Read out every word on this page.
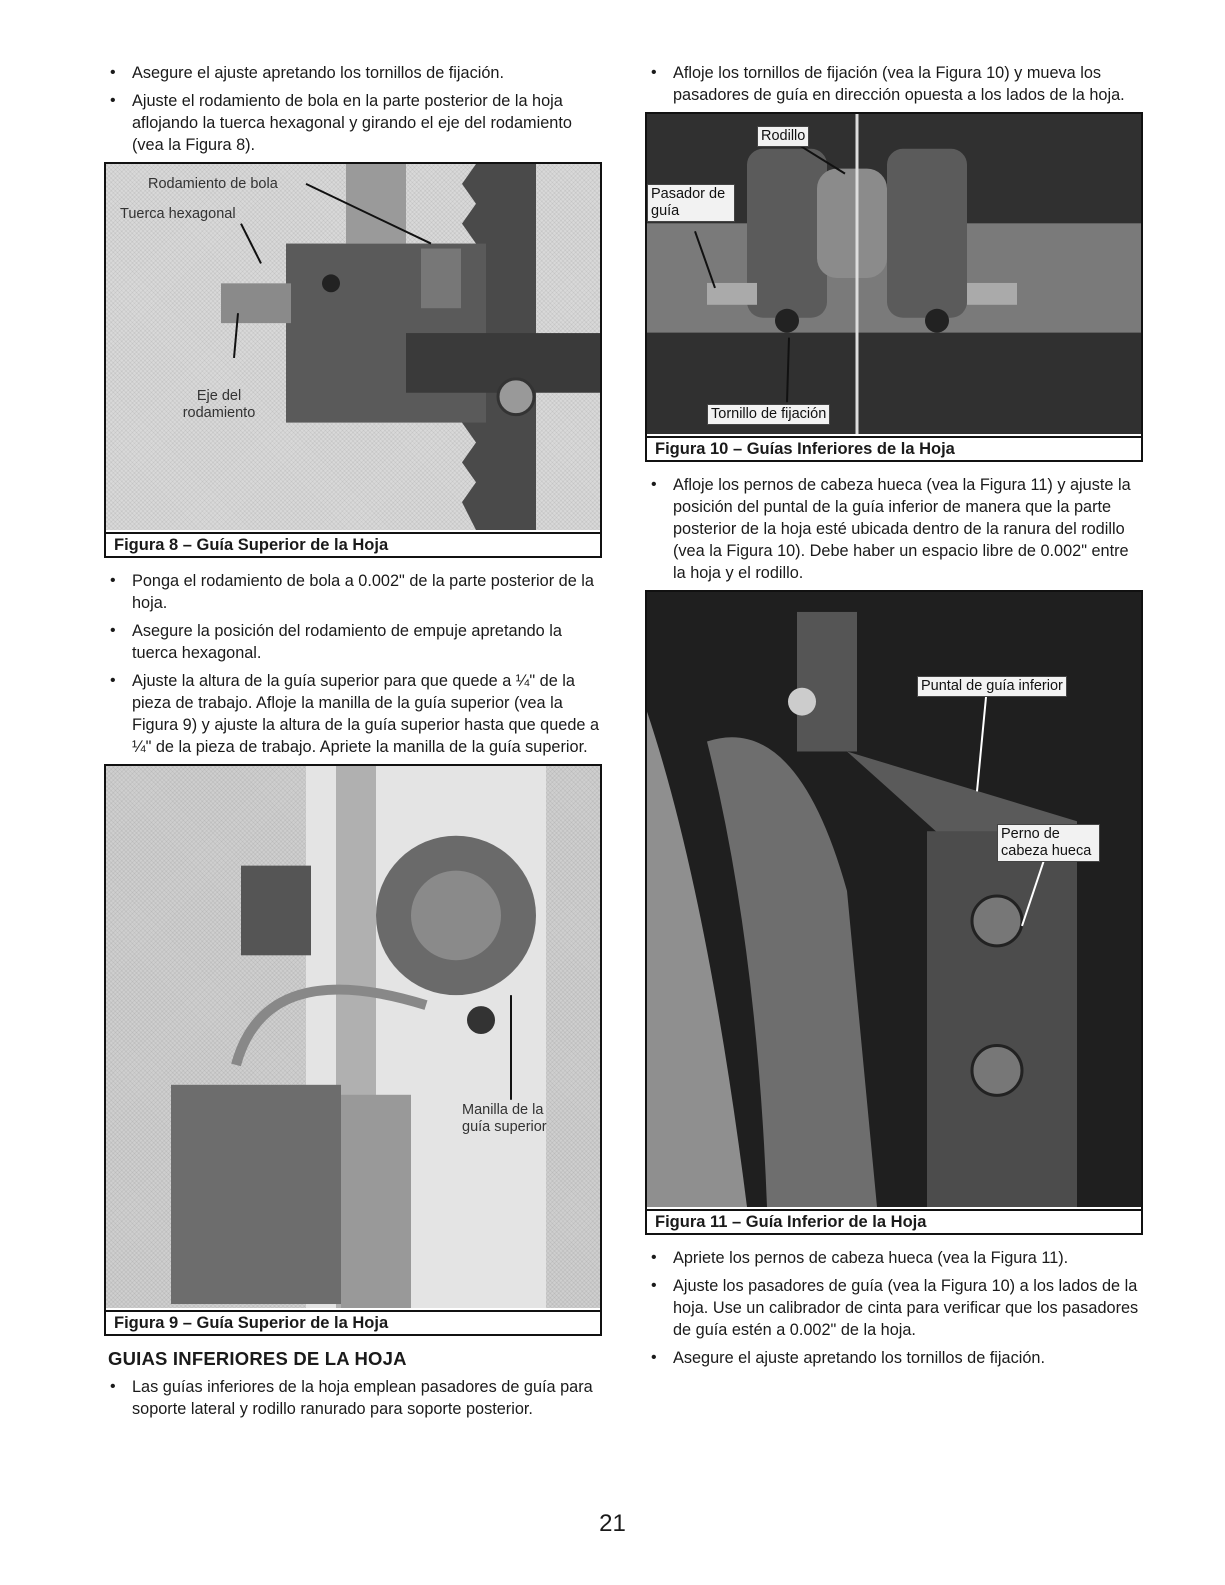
• Asegure el ajuste apretando los tornillos de fijación.
• Ajuste el rodamiento de bola en la parte posterior de la hoja aflojando la tuerca hexagonal y girando el eje del rodamiento (vea la Figura 8).
Rodamiento de bola
Tuerca hexagonal
Eje del rodamiento
Figura 8 – Guía Superior de la Hoja
• Ponga el rodamiento de bola a 0.002" de la parte posterior de la hoja.
• Asegure la posición del rodamiento de empuje apretando la tuerca hexagonal.
• Ajuste la altura de la guía superior para que quede a ¼" de la pieza de trabajo. Afloje la manilla de la guía superior (vea la Figura 9) y ajuste la altura de la guía superior hasta que quede a ¼" de la pieza de trabajo. Apriete la manilla de la guía superior.
Manilla de la guía superior
Figura 9 – Guía Superior de la Hoja
GUIAS INFERIORES DE LA HOJA
• Las guías inferiores de la hoja emplean pasadores de guía para soporte lateral y rodillo ranurado para soporte posterior.
• Afloje los tornillos de fijación (vea la Figura 10) y mueva los pasadores de guía en dirección opuesta a los lados de la hoja.
Rodillo
Pasador de guía
Tornillo de fijación
Figura 10 – Guías Inferiores de la Hoja
• Afloje los pernos de cabeza hueca (vea la Figura 11) y ajuste la posición del puntal de la guía inferior de manera que la parte posterior de la hoja esté ubicada dentro de la ranura del rodillo (vea la Figura 10). Debe haber un espacio libre de 0.002" entre la hoja y el rodillo.
Puntal de guía inferior
Perno de cabeza hueca
Figura 11 – Guía Inferior de la Hoja
• Apriete los pernos de cabeza hueca (vea la Figura 11).
• Ajuste los pasadores de guía (vea la Figura 10) a los lados de la hoja. Use un calibrador de cinta para verificar que los pasadores de guía estén a 0.002" de la hoja.
• Asegure el ajuste apretando los tornillos de fijación.
21
